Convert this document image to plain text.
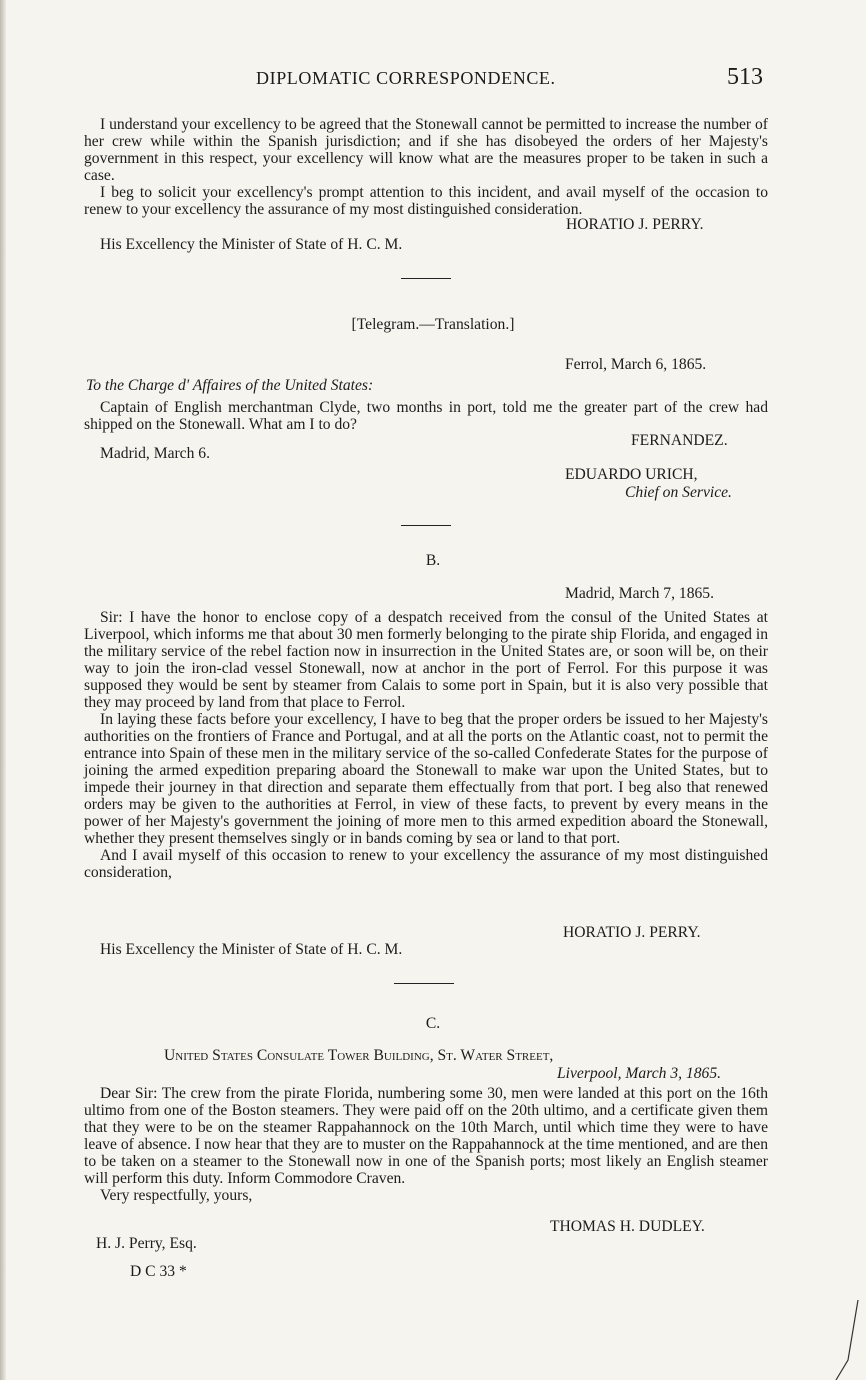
DIPLOMATIC CORRESPONDENCE.	513

I understand your excellency to be agreed that the Stonewall cannot be permitted to increase the number of her crew while within the Spanish jurisdiction; and if she has disobeyed the orders of her Majesty's government in this respect, your excellency will know what are the measures proper to be taken in such a case.

I beg to solicit your excellency's prompt attention to this incident, and avail myself of the occasion to renew to your excellency the assurance of my most distinguished consideration.

HORATIO J. PERRY.
His Excellency the Minister of State of H. C. M.
[Telegram.—Translation.]
Ferrol, March 6, 1865.
To the Charge d' Affaires of the United States:

Captain of English merchantman Clyde, two months in port, told me the greater part of the crew had shipped on the Stonewall. What am I to do?

FERNANDEZ.
Madrid, March 6.
EDUARDO URICH,
Chief on Service.
B.
Madrid, March 7, 1865.

Sir: I have the honor to enclose copy of a despatch received from the consul of the United States at Liverpool, which informs me that about 30 men formerly belonging to the pirate ship Florida, and engaged in the military service of the rebel faction now in insurrection in the United States are, or soon will be, on their way to join the iron-clad vessel Stonewall, now at anchor in the port of Ferrol. For this purpose it was supposed they would be sent by steamer from Calais to some port in Spain, but it is also very possible that they may proceed by land from that place to Ferrol.

In laying these facts before your excellency, I have to beg that the proper orders be issued to her Majesty's authorities on the frontiers of France and Portugal, and at all the ports on the Atlantic coast, not to permit the entrance into Spain of these men in the military service of the so-called Confederate States for the purpose of joining the armed expedition preparing aboard the Stonewall to make war upon the United States, but to impede their journey in that direction and separate them effectually from that port. I beg also that renewed orders may be given to the authorities at Ferrol, in view of these facts, to prevent by every means in the power of her Majesty's government the joining of more men to this armed expedition aboard the Stonewall, whether they present themselves singly or in bands coming by sea or land to that port.

And I avail myself of this occasion to renew to your excellency the assurance of my most distinguished consideration,

HORATIO J. PERRY.
His Excellency the Minister of State of H. C. M.
C.
United States Consulate Tower Building, St. Water Street,
Liverpool, March 3, 1865.

Dear Sir: The crew from the pirate Florida, numbering some 30, men were landed at this port on the 16th ultimo from one of the Boston steamers. They were paid off on the 20th ultimo, and a certificate given them that they were to be on the steamer Rappahannock on the 10th March, until which time they were to have leave of absence. I now hear that they are to muster on the Rappahannock at the time mentioned, and are then to be taken on a steamer to the Stonewall now in one of the Spanish ports; most likely an English steamer will perform this duty. Inform Commodore Craven.

Very respectfully, yours,

THOMAS H. DUDLEY.
H. J. Perry, Esq.
D C 33 *
